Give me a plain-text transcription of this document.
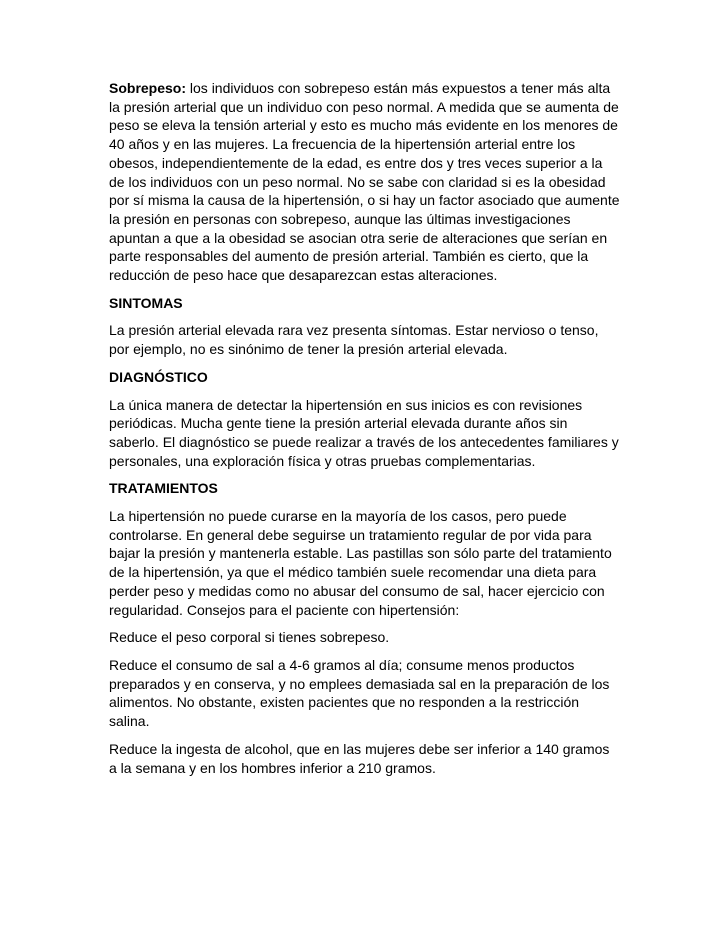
Sobrepeso: los individuos con sobrepeso están más expuestos a tener más alta la presión arterial que un individuo con peso normal. A medida que se aumenta de peso se eleva la tensión arterial y esto es mucho más evidente en los menores de 40 años y en las mujeres. La frecuencia de la hipertensión arterial entre los obesos, independientemente de la edad, es entre dos y tres veces superior a la de los individuos con un peso normal. No se sabe con claridad si es la obesidad por sí misma la causa de la hipertensión, o si hay un factor asociado que aumente la presión en personas con sobrepeso, aunque las últimas investigaciones apuntan a que a la obesidad se asocian otra serie de alteraciones que serían en parte responsables del aumento de presión arterial. También es cierto, que la reducción de peso hace que desaparezcan estas alteraciones.

SINTOMAS

La presión arterial elevada rara vez presenta síntomas. Estar nervioso o tenso, por ejemplo, no es sinónimo de tener la presión arterial elevada.

DIAGNÓSTICO

La única manera de detectar la hipertensión en sus inicios es con revisiones periódicas. Mucha gente tiene la presión arterial elevada durante años sin saberlo. El diagnóstico se puede realizar a través de los antecedentes familiares y personales, una exploración física y otras pruebas complementarias.

TRATAMIENTOS

La hipertensión no puede curarse en la mayoría de los casos, pero puede controlarse. En general debe seguirse un tratamiento regular de por vida para bajar la presión y mantenerla estable. Las pastillas son sólo parte del tratamiento de la hipertensión, ya que el médico también suele recomendar una dieta para perder peso y medidas como no abusar del consumo de sal, hacer ejercicio con regularidad. Consejos para el paciente con hipertensión:

Reduce el peso corporal si tienes sobrepeso.

Reduce el consumo de sal a 4-6 gramos al día; consume menos productos preparados y en conserva, y no emplees demasiada sal en la preparación de los alimentos. No obstante, existen pacientes que no responden a la restricción salina.

Reduce la ingesta de alcohol, que en las mujeres debe ser inferior a 140 gramos a la semana y en los hombres inferior a 210 gramos.
